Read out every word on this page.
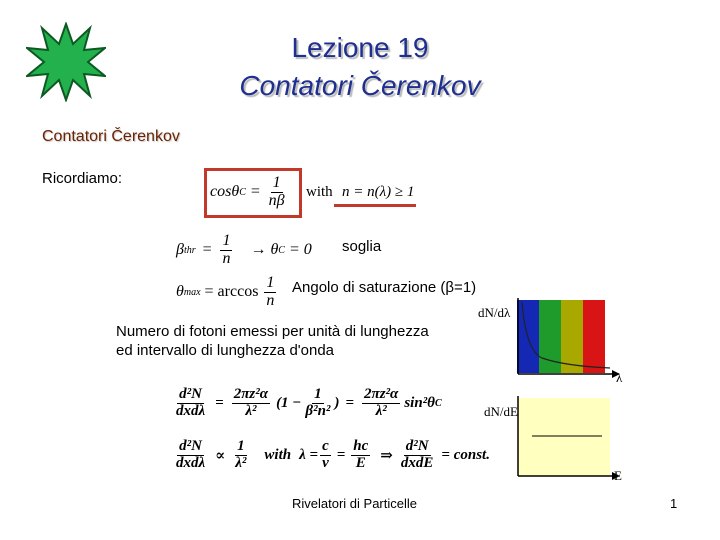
Lezione 19
Contatori Čerenkov
Contatori Čerenkov
Ricordiamo:
cosθ $C = \frac{1}{n\beta}$ with n = n(λ) ≥ 1
β thr = $\frac{1}{n} \to \theta$ C = 0 soglia
θ $\max = \arccos \frac{1}{n}$ Angolo di saturazione (β=1)
Numero di fotoni emessi per unità di lunghezza
ed intervallo di lunghezza d'onda
$\frac{\text{d²N}}{\text{dxdλ}} = \frac{\text{2πz²α}}{\text{λ²}} (1 - \frac{1}{\text{β²n²}}$ ) = $\frac{\text{2πz²α}}{\text{λ²}} \sin^2\theta$ C
$\frac{\text{d²N}}{\text{dxdλ}} \propto \frac{1}{\text{λ²}}$ with $\lambda = \frac{c}{\nu} = \frac{hc}{E}$ ⇒ $\frac{\text{d²N}}{\text{dxdE}}$ = const.
dN/dλ
λ
dN/dE
E
Rivelatori di Particelle	1
